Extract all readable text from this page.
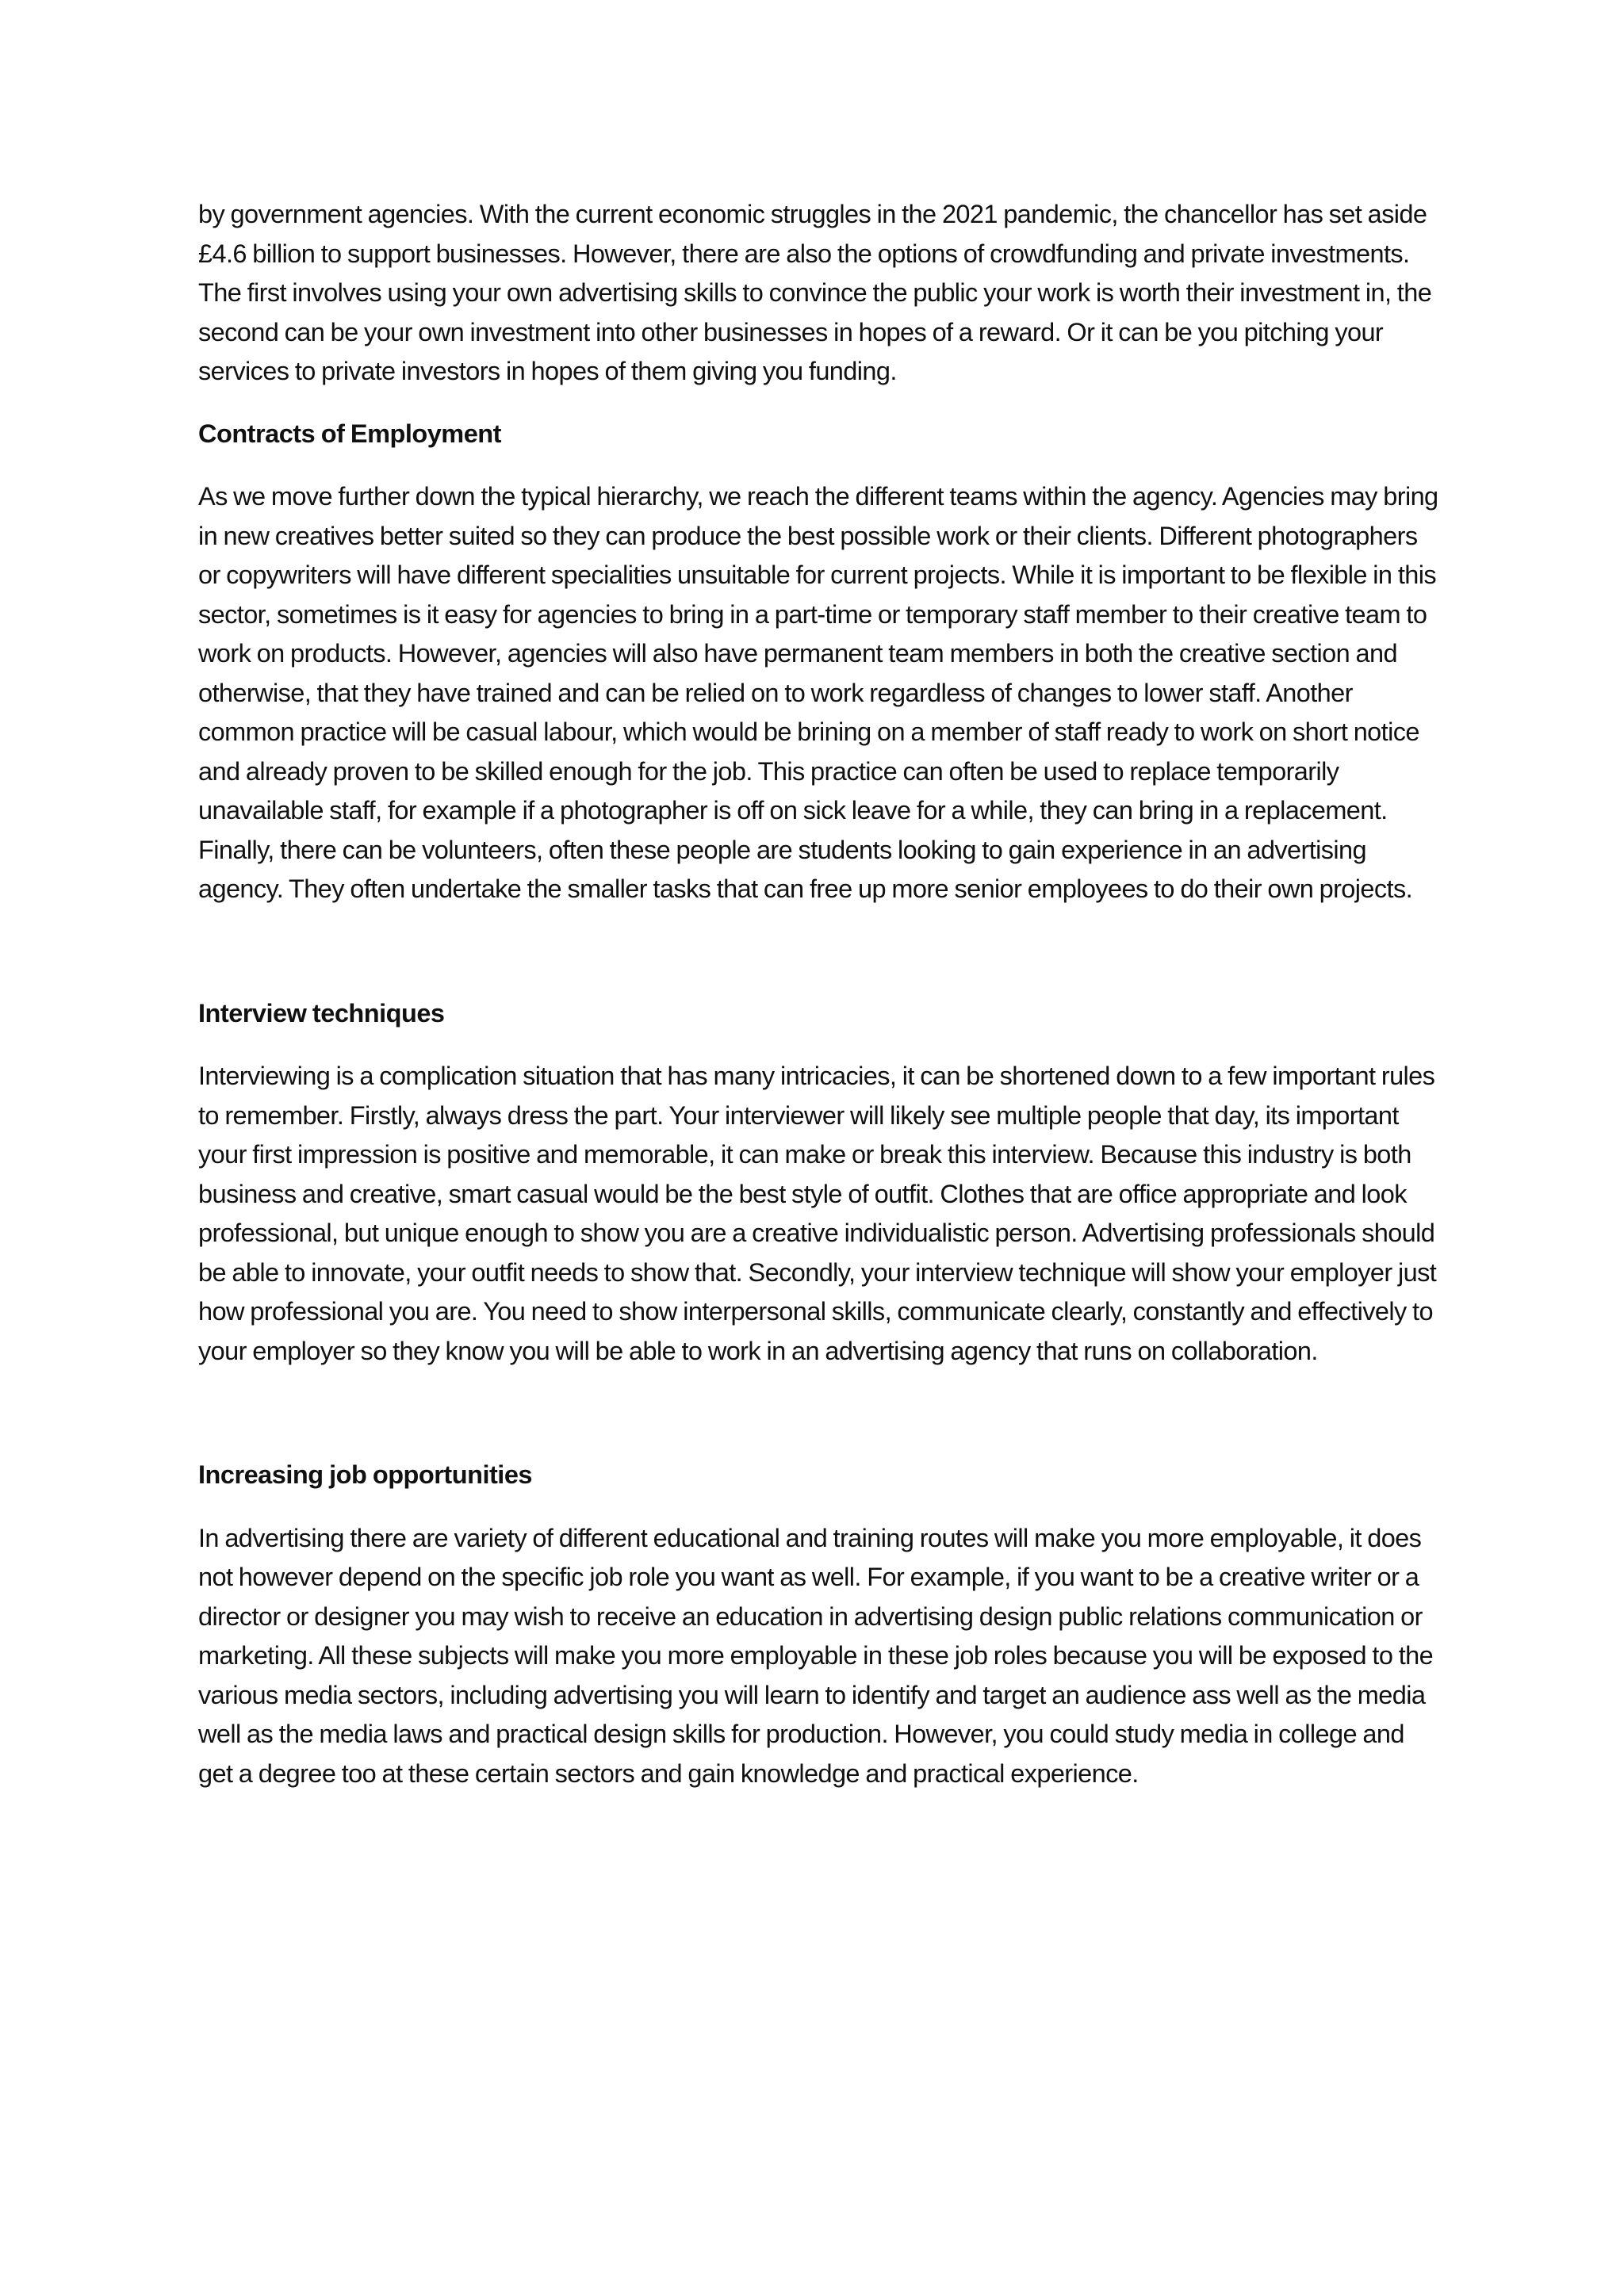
by government agencies. With the current economic struggles in the 2021 pandemic, the chancellor has set aside £4.6 billion to support businesses. However, there are also the options of crowdfunding and private investments. The first involves using your own advertising skills to convince the public your work is worth their investment in, the second can be your own investment into other businesses in hopes of a reward. Or it can be you pitching your services to private investors in hopes of them giving you funding.

Contracts of Employment

As we move further down the typical hierarchy, we reach the different teams within the agency. Agencies may bring in new creatives better suited so they can produce the best possible work or their clients. Different photographers or copywriters will have different specialities unsuitable for current projects. While it is important to be flexible in this sector, sometimes is it easy for agencies to bring in a part-time or temporary staff member to their creative team to work on products. However, agencies will also have permanent team members in both the creative section and otherwise, that they have trained and can be relied on to work regardless of changes to lower staff. Another common practice will be casual labour, which would be brining on a member of staff ready to work on short notice and already proven to be skilled enough for the job. This practice can often be used to replace temporarily unavailable staff, for example if a photographer is off on sick leave for a while, they can bring in a replacement. Finally, there can be volunteers, often these people are students looking to gain experience in an advertising agency. They often undertake the smaller tasks that can free up more senior employees to do their own projects.

Interview techniques

Interviewing is a complication situation that has many intricacies, it can be shortened down to a few important rules to remember. Firstly, always dress the part. Your interviewer will likely see multiple people that day, its important your first impression is positive and memorable, it can make or break this interview. Because this industry is both business and creative, smart casual would be the best style of outfit. Clothes that are office appropriate and look professional, but unique enough to show you are a creative individualistic person. Advertising professionals should be able to innovate, your outfit needs to show that. Secondly, your interview technique will show your employer just how professional you are. You need to show interpersonal skills, communicate clearly, constantly and effectively to your employer so they know you will be able to work in an advertising agency that runs on collaboration.

Increasing job opportunities

In advertising there are variety of different educational and training routes will make you more employable, it does not however depend on the specific job role you want as well. For example, if you want to be a creative writer or a director or designer you may wish to receive an education in advertising design public relations communication or marketing. All these subjects will make you more employable in these job roles because you will be exposed to the various media sectors, including advertising you will learn to identify and target an audience ass well as the media well as the media laws and practical design skills for production. However, you could study media in college and get a degree too at these certain sectors and gain knowledge and practical experience.
